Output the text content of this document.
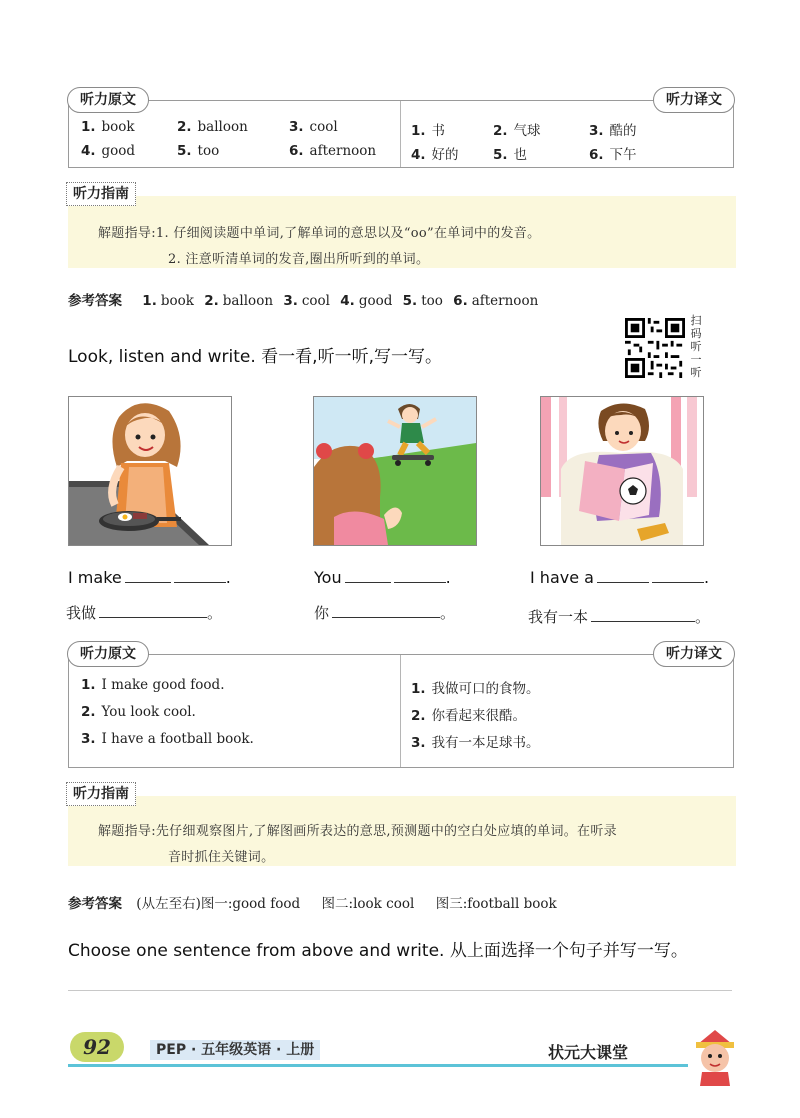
听力原文	听力译文
1. book	2. balloon	3. cool
4. good	5. too	6. afternoon
1. 书	2. 气球	3. 酷的
4. 好的	5. 也	6. 下午
听力指南
解题指导:1. 仔细阅读题中单词,了解单词的意思以及“oo”在单词中的发音。
2. 注意听清单词的发音,圈出所听到的单词。
参考答案 1. book 2. balloon 3. cool 4. good 5. too 6. afternoon
扫码听一听
Look, listen and write. 看一看,听一听,写一写。
I make	.	You	.	I have a	.
我做	。	你	。	我有一本	。
听力原文	听力译文
1. I make good food.
2. You look cool.
3. I have a football book.
1. 我做可口的食物。
2. 你看起来很酷。
3. 我有一本足球书。
听力指南
解题指导:先仔细观察图片,了解图画所表达的意思,预测题中的空白处应填的单词。在听录
音时抓住关键词。
参考答案 (从左至右)图一:good food     图二:look cool     图三:football book
Choose one sentence from above and write. 从上面选择一个句子并写一写。
92	PEP · 五年级英语 · 上册	状元大课堂
